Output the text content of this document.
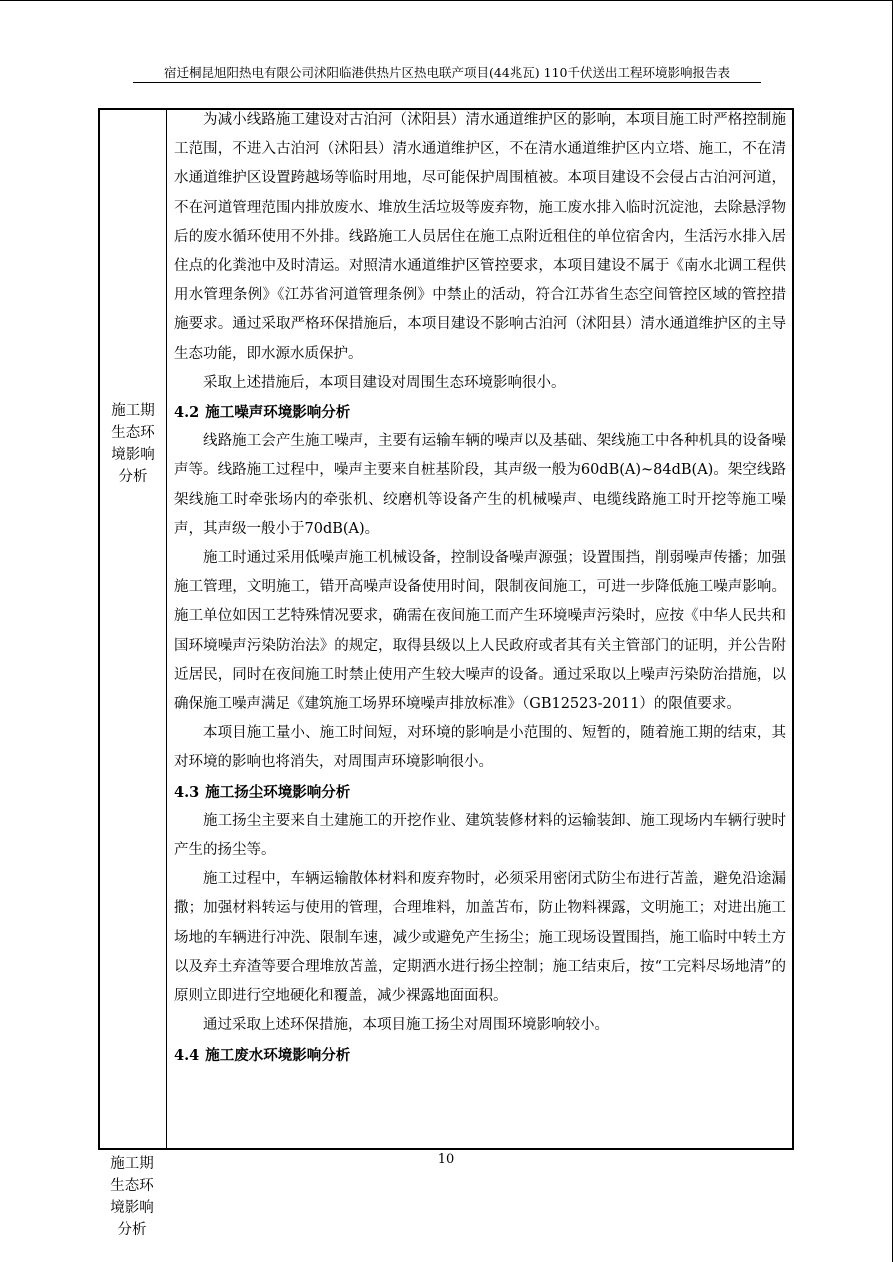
宿迁桐昆旭阳热电有限公司沭阳临港供热片区热电联产项目(44兆瓦) 110千伏送出工程环境影响报告表
施工期
生态环
境影响
分析

为减小线路施工建设对古泊河（沭阳县）清水通道维护区的影响，本项目施工时严格控制施工范围，不进入古泊河（沭阳县）清水通道维护区，不在清水通道维护区内立塔、施工，不在清水通道维护区设置跨越场等临时用地，尽可能保护周围植被。本项目建设不会侵占古泊河河道，不在河道管理范围内排放废水、堆放生活垃圾等废弃物，施工废水排入临时沉淀池，去除悬浮物后的废水循环使用不外排。线路施工人员居住在施工点附近租住的单位宿舍内，生活污水排入居住点的化粪池中及时清运。对照清水通道维护区管控要求，本项目建设不属于《南水北调工程供用水管理条例》《江苏省河道管理条例》中禁止的活动，符合江苏省生态空间管控区域的管控措施要求。通过采取严格环保措施后，本项目建设不影响古泊河（沭阳县）清水通道维护区的主导生态功能，即水源水质保护。

采取上述措施后，本项目建设对周围生态环境影响很小。

4.2 施工噪声环境影响分析

线路施工会产生施工噪声，主要有运输车辆的噪声以及基础、架线施工中各种机具的设备噪声等。线路施工过程中，噪声主要来自桩基阶段，其声级一般为60dB(A)~84dB(A)。架空线路架线施工时牵张场内的牵张机、绞磨机等设备产生的机械噪声、电缆线路施工时开挖等施工噪声，其声级一般小于70dB(A)。

施工时通过采用低噪声施工机械设备，控制设备噪声源强；设置围挡，削弱噪声传播；加强施工管理，文明施工，错开高噪声设备使用时间，限制夜间施工，可进一步降低施工噪声影响。施工单位如因工艺特殊情况要求，确需在夜间施工而产生环境噪声污染时，应按《中华人民共和国环境噪声污染防治法》的规定，取得县级以上人民政府或者其有关主管部门的证明，并公告附近居民，同时在夜间施工时禁止使用产生较大噪声的设备。通过采取以上噪声污染防治措施，以确保施工噪声满足《建筑施工场界环境噪声排放标准》（GB12523-2011）的限值要求。

本项目施工量小、施工时间短，对环境的影响是小范围的、短暂的，随着施工期的结束，其对环境的影响也将消失，对周围声环境影响很小。

4.3 施工扬尘环境影响分析

施工扬尘主要来自土建施工的开挖作业、建筑装修材料的运输装卸、施工现场内车辆行驶时产生的扬尘等。

施工过程中，车辆运输散体材料和废弃物时，必须采用密闭式防尘布进行苫盖，避免沿途漏撒；加强材料转运与使用的管理，合理堆料，加盖苫布，防止物料裸露，文明施工；对进出施工场地的车辆进行冲洗、限制车速，减少或避免产生扬尘；施工现场设置围挡，施工临时中转土方以及弃土弃渣等要合理堆放苫盖，定期洒水进行扬尘控制；施工结束后，按“工完料尽场地清”的原则立即进行空地硬化和覆盖，减少裸露地面面积。

通过采取上述环保措施，本项目施工扬尘对周围环境影响较小。

4.4 施工废水环境影响分析
10
施工期
生态环
境影响
分析
